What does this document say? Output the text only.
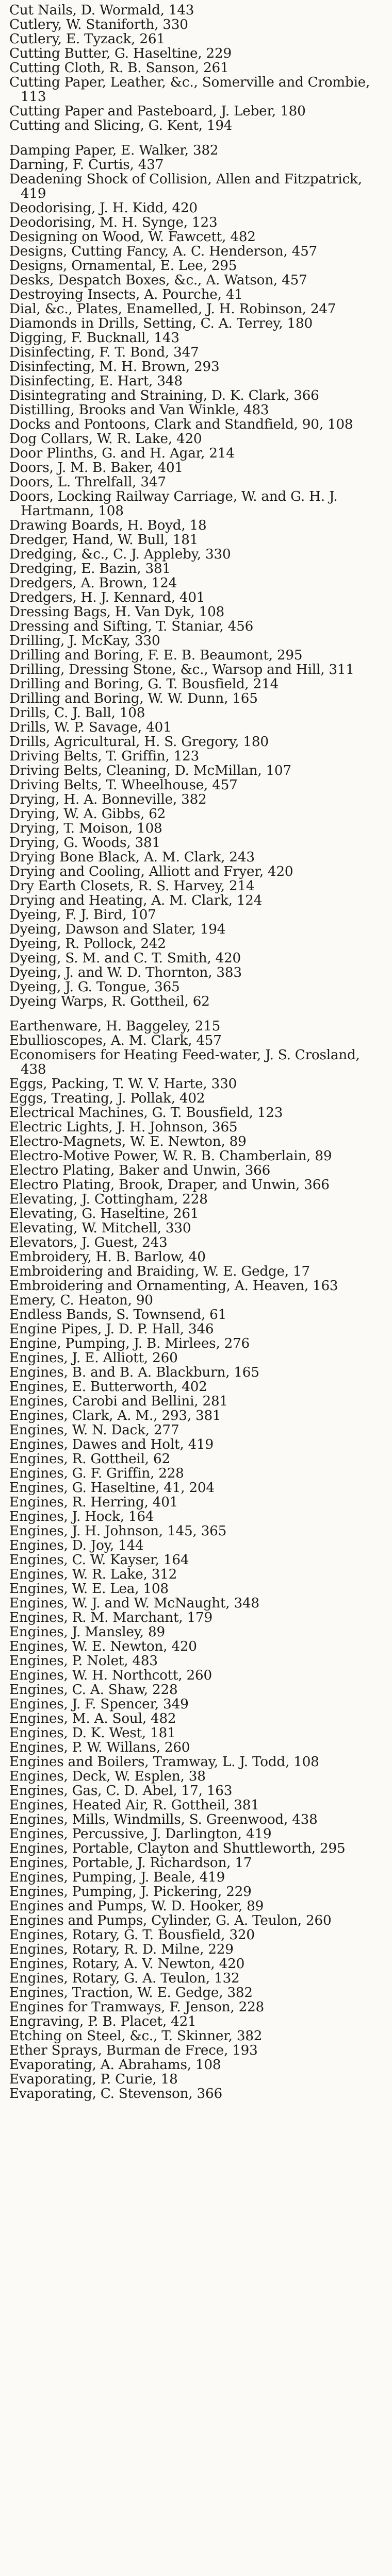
Cut Nails, D. Wormald, 143
Cutlery, W. Staniforth, 330
Cutlery, E. Tyzack, 261
Cutting Butter, G. Haseltine, 229
Cutting Cloth, R. B. Sanson, 261
Cutting Paper, Leather, &c., Somerville and Crombie, 113
Cutting Paper and Pasteboard, J. Leber, 180
Cutting and Slicing, G. Kent, 194
Damping Paper, E. Walker, 382
Darning, F. Curtis, 437
Deadening Shock of Collision, Allen and Fitzpatrick, 419
Deodorising, J. H. Kidd, 420
Deodorising, M. H. Synge, 123
Designing on Wood, W. Fawcett, 482
Designs, Cutting Fancy, A. C. Henderson, 457
Designs, Ornamental, E. Lee, 295
Desks, Despatch Boxes, &c., A. Watson, 457
Destroying Insects, A. Pourche, 41
Dial, &c., Plates, Enamelled, J. H. Robinson, 247
Diamonds in Drills, Setting, C. A. Terrey, 180
Digging, F. Bucknall, 143
Disinfecting, F. T. Bond, 347
Disinfecting, M. H. Brown, 293
Disinfecting, E. Hart, 348
Disintegrating and Straining, D. K. Clark, 366
Distilling, Brooks and Van Winkle, 483
Docks and Pontoons, Clark and Standfield, 90, 108
Dog Collars, W. R. Lake, 420
Door Plinths, G. and H. Agar, 214
Doors, J. M. B. Baker, 401
Doors, L. Threlfall, 347
Doors, Locking Railway Carriage, W. and G. H. J. Hartmann, 108
Drawing Boards, H. Boyd, 18
Dredger, Hand, W. Bull, 181
Dredging, &c., C. J. Appleby, 330
Dredging, E. Bazin, 381
Dredgers, A. Brown, 124
Dredgers, H. J. Kennard, 401
Dressing Bags, H. Van Dyk, 108
Dressing and Sifting, T. Staniar, 456
Drilling, J. McKay, 330
Drilling and Boring, F. E. B. Beaumont, 295
Drilling, Dressing Stone, &c., Warsop and Hill, 311
Drilling and Boring, G. T. Bousfield, 214
Drilling and Boring, W. W. Dunn, 165
Drills, C. J. Ball, 108
Drills, W. P. Savage, 401
Drills, Agricultural, H. S. Gregory, 180
Driving Belts, T. Griffin, 123
Driving Belts, Cleaning, D. McMillan, 107
Driving Belts, T. Wheelhouse, 457
Drying, H. A. Bonneville, 382
Drying, W. A. Gibbs, 62
Drying, T. Moison, 108
Drying, G. Woods, 381
Drying Bone Black, A. M. Clark, 243
Drying and Cooling, Alliott and Fryer, 420
Dry Earth Closets, R. S. Harvey, 214
Drying and Heating, A. M. Clark, 124
Dyeing, F. J. Bird, 107
Dyeing, Dawson and Slater, 194
Dyeing, R. Pollock, 242
Dyeing, S. M. and C. T. Smith, 420
Dyeing, J. and W. D. Thornton, 383
Dyeing, J. G. Tongue, 365
Dyeing Warps, R. Gottheil, 62
Earthenware, H. Baggeley, 215
Ebullioscopes, A. M. Clark, 457
Economisers for Heating Feed-water, J. S. Crosland, 438
Eggs, Packing, T. W. V. Harte, 330
Eggs, Treating, J. Pollak, 402
Electrical Machines, G. T. Bousfield, 123
Electric Lights, J. H. Johnson, 365
Electro-Magnets, W. E. Newton, 89
Electro-Motive Power, W. R. B. Chamberlain, 89
Electro Plating, Baker and Unwin, 366
Electro Plating, Brook, Draper, and Unwin, 366
Elevating, J. Cottingham, 228
Elevating, G. Haseltine, 261
Elevating, W. Mitchell, 330
Elevators, J. Guest, 243
Embroidery, H. B. Barlow, 40
Embroidering and Braiding, W. E. Gedge, 17
Embroidering and Ornamenting, A. Heaven, 163
Emery, C. Heaton, 90
Endless Bands, S. Townsend, 61
Engine Pipes, J. D. P. Hall, 346
Engine, Pumping, J. B. Mirlees, 276
Engines, J. E. Alliott, 260
Engines, B. and B. A. Blackburn, 165
Engines, E. Butterworth, 402
Engines, Carobi and Bellini, 281
Engines, Clark, A. M., 293, 381
Engines, W. N. Dack, 277
Engines, Dawes and Holt, 419
Engines, R. Gottheil, 62
Engines, G. F. Griffin, 228
Engines, G. Haseltine, 41, 204
Engines, R. Herring, 401
Engines, J. Hock, 164
Engines, J. H. Johnson, 145, 365
Engines, D. Joy, 144
Engines, C. W. Kayser, 164
Engines, W. R. Lake, 312
Engines, W. E. Lea, 108
Engines, W. J. and W. McNaught, 348
Engines, R. M. Marchant, 179
Engines, J. Mansley, 89
Engines, W. E. Newton, 420
Engines, P. Nolet, 483
Engines, W. H. Northcott, 260
Engines, C. A. Shaw, 228
Engines, J. F. Spencer, 349
Engines, M. A. Soul, 482
Engines, D. K. West, 181
Engines, P. W. Willans, 260
Engines and Boilers, Tramway, L. J. Todd, 108
Engines, Deck, W. Esplen, 38
Engines, Gas, C. D. Abel, 17, 163
Engines, Heated Air, R. Gottheil, 381
Engines, Mills, Windmills, S. Greenwood, 438
Engines, Percussive, J. Darlington, 419
Engines, Portable, Clayton and Shuttleworth, 295
Engines, Portable, J. Richardson, 17
Engines, Pumping, J. Beale, 419
Engines, Pumping, J. Pickering, 229
Engines and Pumps, W. D. Hooker, 89
Engines and Pumps, Cylinder, G. A. Teulon, 260
Engines, Rotary, G. T. Bousfield, 320
Engines, Rotary, R. D. Milne, 229
Engines, Rotary, A. V. Newton, 420
Engines, Rotary, G. A. Teulon, 132
Engines, Traction, W. E. Gedge, 382
Engines for Tramways, F. Jenson, 228
Engraving, P. B. Placet, 421
Etching on Steel, &c., T. Skinner, 382
Ether Sprays, Burman de Frece, 193
Evaporating, A. Abrahams, 108
Evaporating, P. Curie, 18
Evaporating, C. Stevenson, 366
